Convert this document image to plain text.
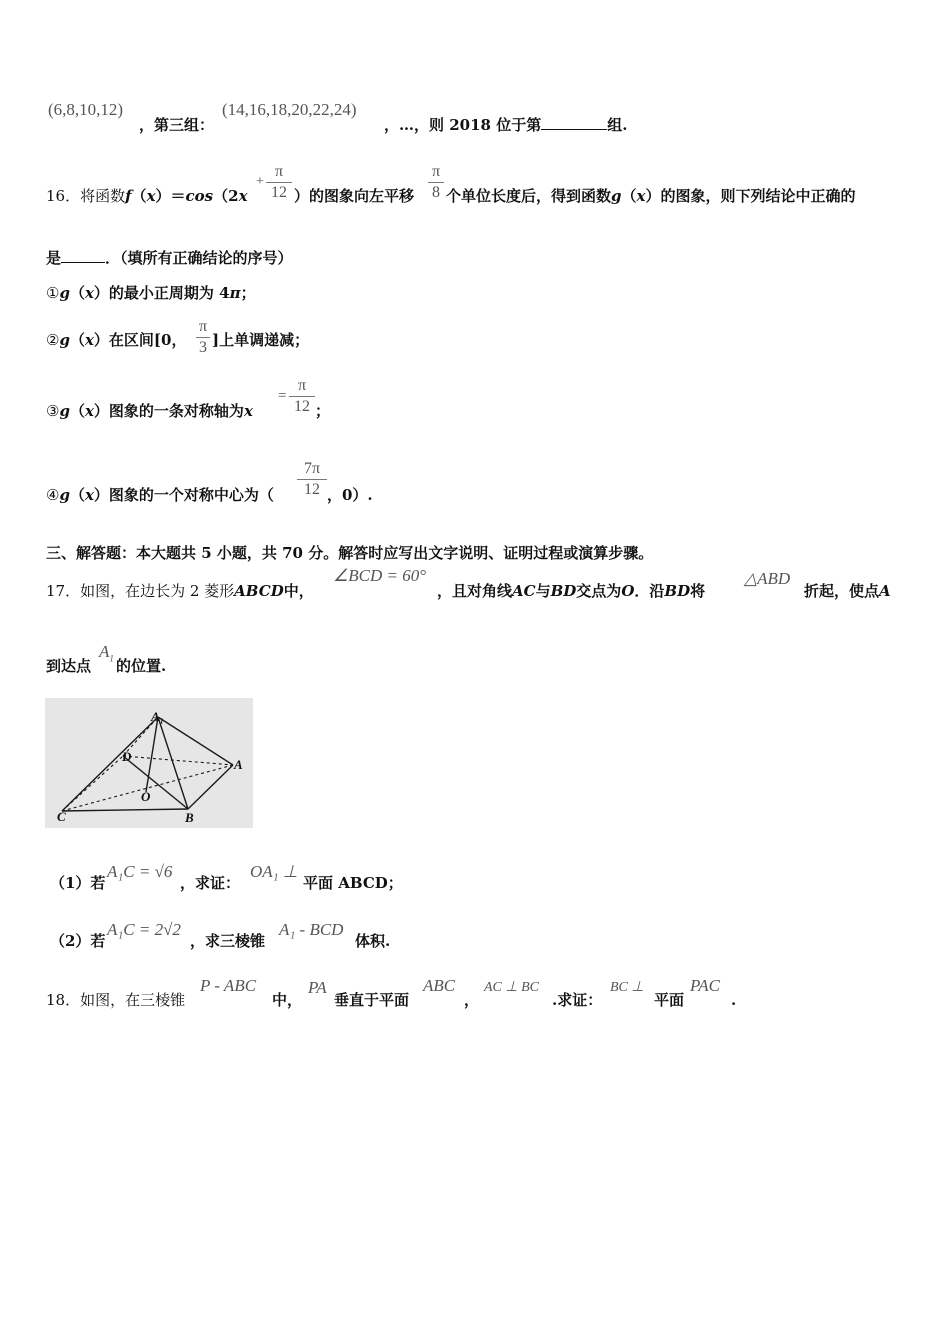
(6,8,10,12)
，第三组：
(14,16,18,20,22,24)
，…，则 2018 位于第	组.
16．将函数f（x）＝cos（2x
+
π
12 ）的图象向左平移
π
8 个单位长度后，得到函数g（x）的图象，则下列结论中正确的
是	．（填所有正确结论的序号）
①g（x）的最小正周期为 4π；
②g（x）在区间[0，
π
3 ]上单调递减；
③g（x）图象的一条对称轴为x
=
π
12 ；
④g（x）图象的一个对称中心为（
7π
12 ，0）.
三、解答题：本大题共 5 小题，共 70 分。解答时应写出文字说明、证明过程或演算步骤。
17．如图，在边长为 2 菱形ABCD中，
∠BCD = 60°
，且对角线AC与BD交点为O．沿BD将
△ABD
折起，使点A
到达点
$A_1$ 的位置.
A₁
D
A
O
C	B
（1）若
A₁C = √6
，求证：
OA₁ ⊥
平面 ABCD；
（2）若
A₁C = 2√2
，求三棱锥
A₁ - BCD
体积.
18．如图，在三棱锥
P - ABC
中，
PA
垂直于平面
ABC
，
AC ⊥ BC
.求证：
BC ⊥
平面
PAC
.
